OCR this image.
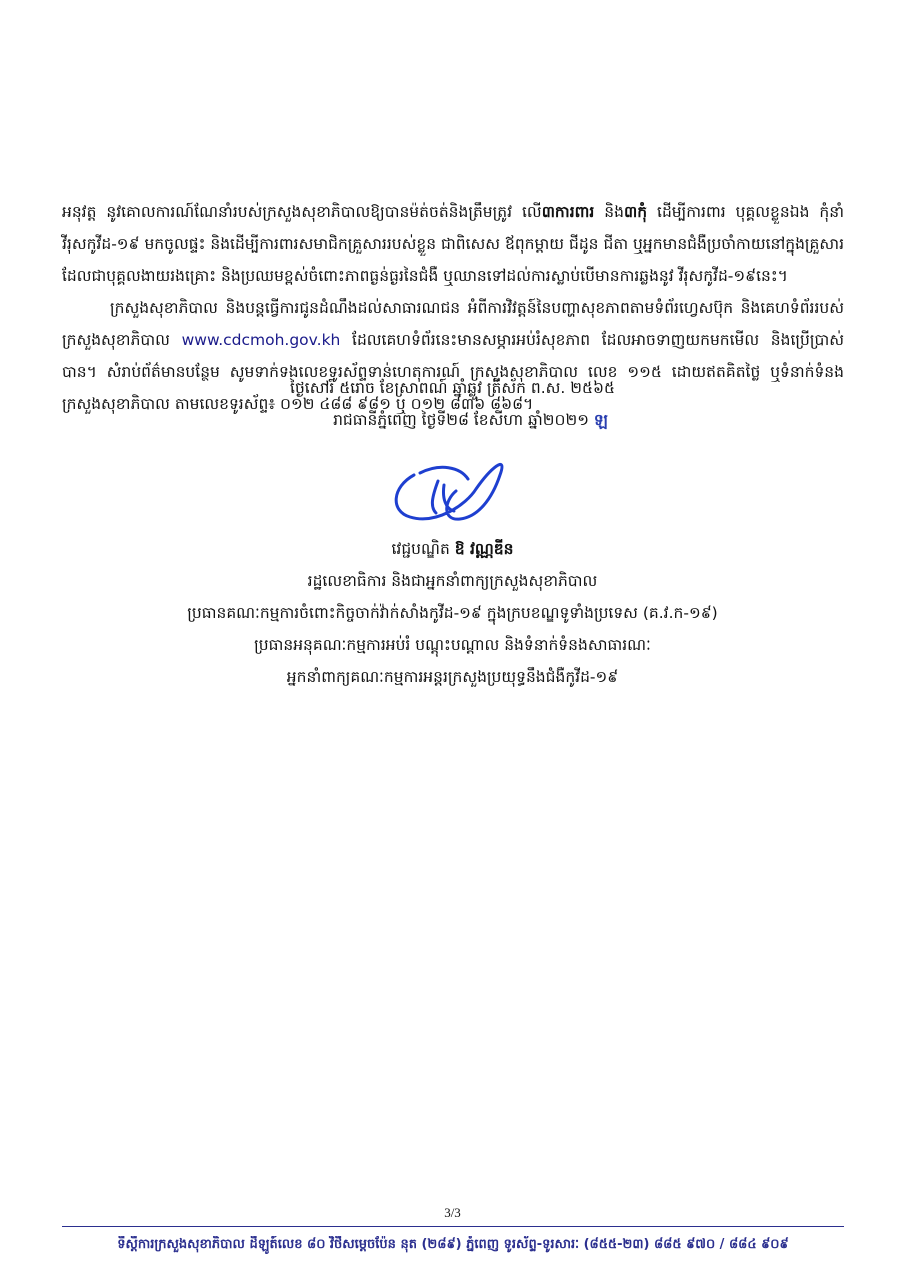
អនុវត្ត នូវគោលការណ៍ណែនាំរបស់ក្រសួងសុខាភិបាលឱ្យបានម៉ត់ចត់និងត្រឹមត្រូវ លើ៣ការពារ និង៣កុំ ដើម្បីការពារ បុគ្គលខ្លួនឯង កុំនាំវីរុសកូវីដ-១៩ មកចូលផ្ទះ និងដើម្បីការពារសមាជិកគ្រួសាររបស់ខ្លួន ជាពិសេស ឪពុកម្តាយ ជីដូន ជីតា ឬអ្នកមានជំងឺប្រចាំកាយនៅក្នុងគ្រួសារ ដែលជាបុគ្គលងាយរងគ្រោះ និងប្រឈមខ្ពស់ចំពោះភាពធ្ងន់ធ្ងរនៃជំងឺ ឬឈានទៅដល់ការស្លាប់បើមានការឆ្លងនូវ វីរុសកូវីដ-១៩នេះ។

ក្រសួងសុខាភិបាល និងបន្តធ្វើការជូនដំណឹងដល់សាធារណជន អំពីការវិវត្តន៍នៃបញ្ហាសុខភាពតាមទំព័រហ្វេសប៊ុក និងគេហទំព័ររបស់ក្រសួងសុខាភិបាល www.cdcmoh.gov.kh ដែលគេហទំព័រនេះមានសម្ភារអប់រំសុខភាព ដែលអាចទាញយកមកមើល និងប្រើប្រាស់បាន។ សំរាប់ព័ត៌មានបន្ថែម សូមទាក់ទងលេខទូរស័ព្ទទាន់ហេតុការណ៍ ក្រសួងសុខាភិបាល លេខ ១១៥ ដោយឥតគិតថ្លៃ ឬទំនាក់ទំនងក្រសួងសុខាភិបាល តាមលេខទូរស័ព្ទ៖ ០១២ ៤៨៨ ៩៨១ ឬ ០១២ ៨៣៦ ៨៦៨។

ថ្ងៃសៅរ៍ ៥រោច ខែស្រាពណ៍ ឆ្នាំឆ្លូវ ត្រីស័ក ព.ស. ២៥៦៥
រាជធានីភ្នំពេញ ថ្ងៃទី២៨ ខែសីហា ឆ្នាំ២០២១ ឡ
វេជ្ជបណ្ឌិត ឱ វណ្ណឌីន
រដ្ឋលេខាធិការ និងជាអ្នកនាំពាក្យក្រសួងសុខាភិបាល
ប្រធានគណៈកម្មការចំពោះកិច្ចចាក់វ៉ាក់សាំងកូវីដ-១៩ ក្នុងក្របខណ្ឌទូទាំងប្រទេស (គ.វ.ក-១៩)
ប្រធានអនុគណៈកម្មការអប់រំ បណ្តុះបណ្តាល និងទំនាក់ទំនងសាធារណៈ
អ្នកនាំពាក្យគណៈកម្មការអន្តរក្រសួងប្រយុទ្ធនឹងជំងឺកូវីដ-១៩
3/3
ទីស្តីការក្រសួងសុខាភិបាល ដីឡូត៍លេខ ៨០ វិថីសម្តេចប៉ែន នុត (២៨៩) ភ្នំពេញ ទូរស័ព្ទ-ទូរសារៈ (៨៥៥-២៣) ៨៨៥ ៩៧០ / ៨៨៤ ៩០៩
